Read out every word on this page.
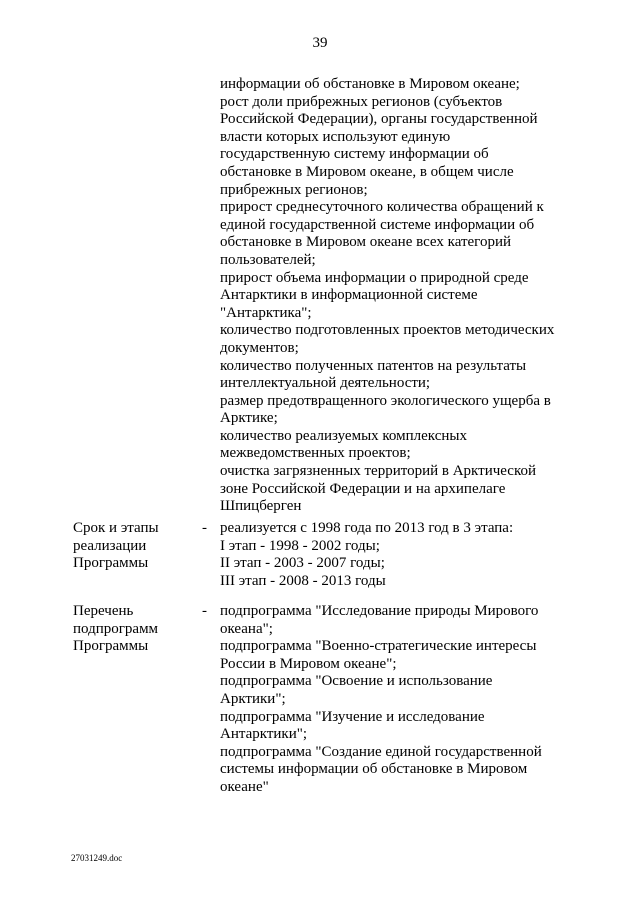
39
информации об обстановке в Мировом океане;
рост доли прибрежных регионов (субъектов
Российской Федерации), органы государственной
власти которых используют единую
государственную систему информации об
обстановке в Мировом океане, в общем числе
прибрежных регионов;
прирост среднесуточного количества обращений к
единой государственной системе информации об
обстановке в Мировом океане всех категорий
пользователей;
прирост объема информации о природной среде
Антарктики в информационной системе
"Антарктика";
количество подготовленных проектов методических
документов;
количество полученных патентов на результаты
интеллектуальной деятельности;
размер предотвращенного экологического ущерба в
Арктике;
количество реализуемых комплексных
межведомственных проектов;
очистка загрязненных территорий в Арктической
зоне Российской Федерации и на архипелаге
Шпицберген
Срок и этапы
реализации
Программы
- реализуется с 1998 года по 2013 год в 3 этапа:
I этап - 1998 - 2002 годы;
II этап - 2003 - 2007 годы;
III этап - 2008 - 2013 годы
Перечень
подпрограмм
Программы
- подпрограмма "Исследование природы Мирового
океана";
подпрограмма "Военно-стратегические интересы
России в Мировом океане";
подпрограмма "Освоение и использование
Арктики";
подпрограмма "Изучение и исследование
Антарктики";
подпрограмма "Создание единой государственной
системы информации об обстановке в Мировом
океане"
27031249.doc
